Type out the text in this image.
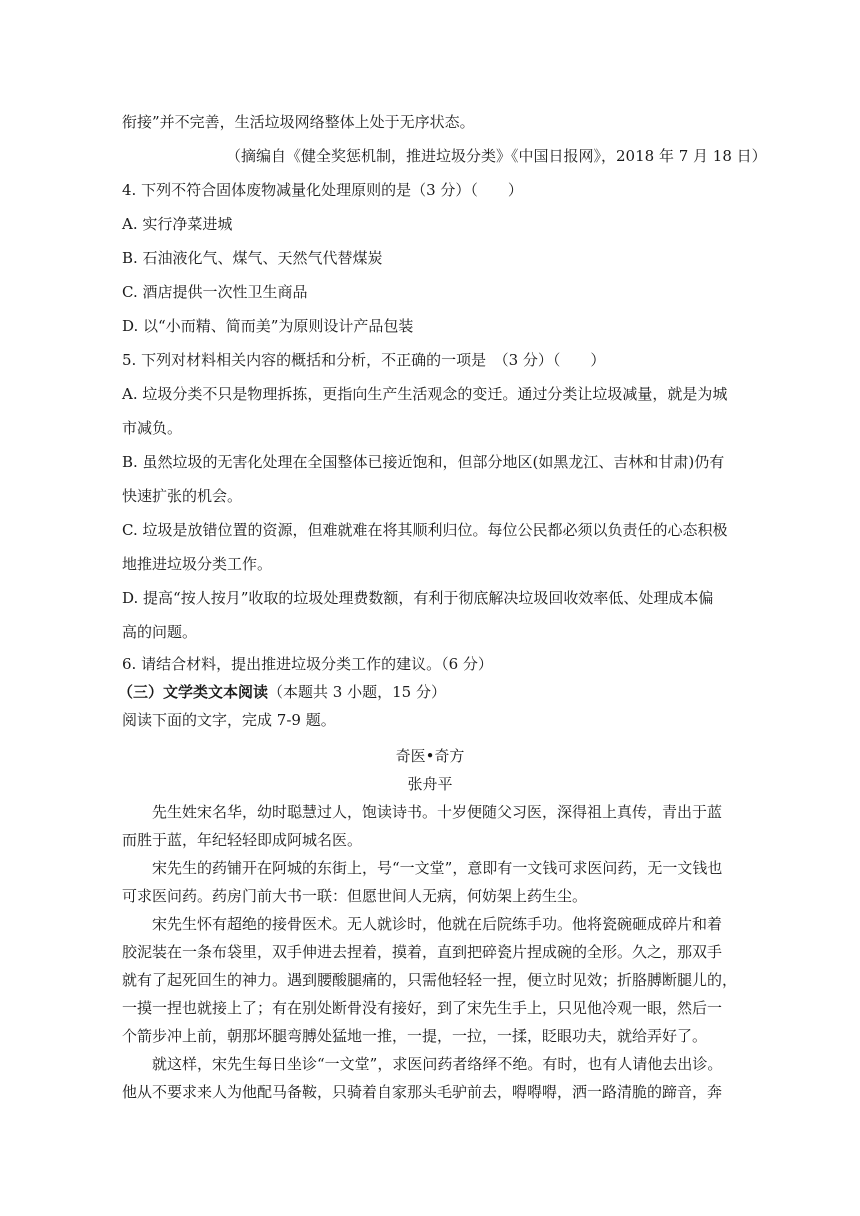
衔接”并不完善，生活垃圾网络整体上处于无序状态。
（摘编自《健全奖惩机制，推进垃圾分类》《中国日报网》，2018 年 7 月 18 日）
4. 下列不符合固体废物减量化处理原则的是（3 分）（　　）
A. 实行净菜进城
B. 石油液化气、煤气、天然气代替煤炭
C. 酒店提供一次性卫生商品
D. 以“小而精、简而美”为原则设计产品包装
5. 下列对材料相关内容的概括和分析，不正确的一项是　（3 分）（　　）
A. 垃圾分类不只是物理拆拣，更指向生产生活观念的变迁。通过分类让垃圾减量，就是为城
市减负。
B. 虽然垃圾的无害化处理在全国整体已接近饱和，但部分地区(如黑龙江、吉林和甘肃)仍有
快速扩张的机会。
C. 垃圾是放错位置的资源，但难就难在将其顺利归位。每位公民都必须以负责任的心态积极
地推进垃圾分类工作。
D. 提高“按人按月”收取的垃圾处理费数额，有利于彻底解决垃圾回收效率低、处理成本偏
高的问题。
6. 请结合材料，提出推进垃圾分类工作的建议。（6 分）
（三）文学类文本阅读（本题共 3 小题，15 分）
阅读下面的文字，完成 7-9 题。
奇医•奇方
张舟平
先生姓宋名华，幼时聪慧过人，饱读诗书。十岁便随父习医，深得祖上真传，青出于蓝
而胜于蓝，年纪轻轻即成阿城名医。
宋先生的药铺开在阿城的东街上，号“一文堂”，意即有一文钱可求医问药，无一文钱也
可求医问药。药房门前大书一联：但愿世间人无病，何妨架上药生尘。
宋先生怀有超绝的接骨医术。无人就诊时，他就在后院练手功。他将瓷碗砸成碎片和着
胶泥装在一条布袋里，双手伸进去捏着，摸着，直到把碎瓷片捏成碗的全形。久之，那双手
就有了起死回生的神力。遇到腰酸腿痛的，只需他轻轻一捏，便立时见效；折胳膊断腿儿的，
一摸一捏也就接上了；有在别处断骨没有接好，到了宋先生手上，只见他冷观一眼，然后一
个箭步冲上前，朝那坏腿弯膊处猛地一推，一提，一拉，一揉，眨眼功夫，就给弄好了。
就这样，宋先生每日坐诊“一文堂”，求医问药者络绎不绝。有时，也有人请他去出诊。
他从不要求来人为他配马备鞍，只骑着自家那头毛驴前去，嘚嘚嘚，洒一路清脆的蹄音，奔
